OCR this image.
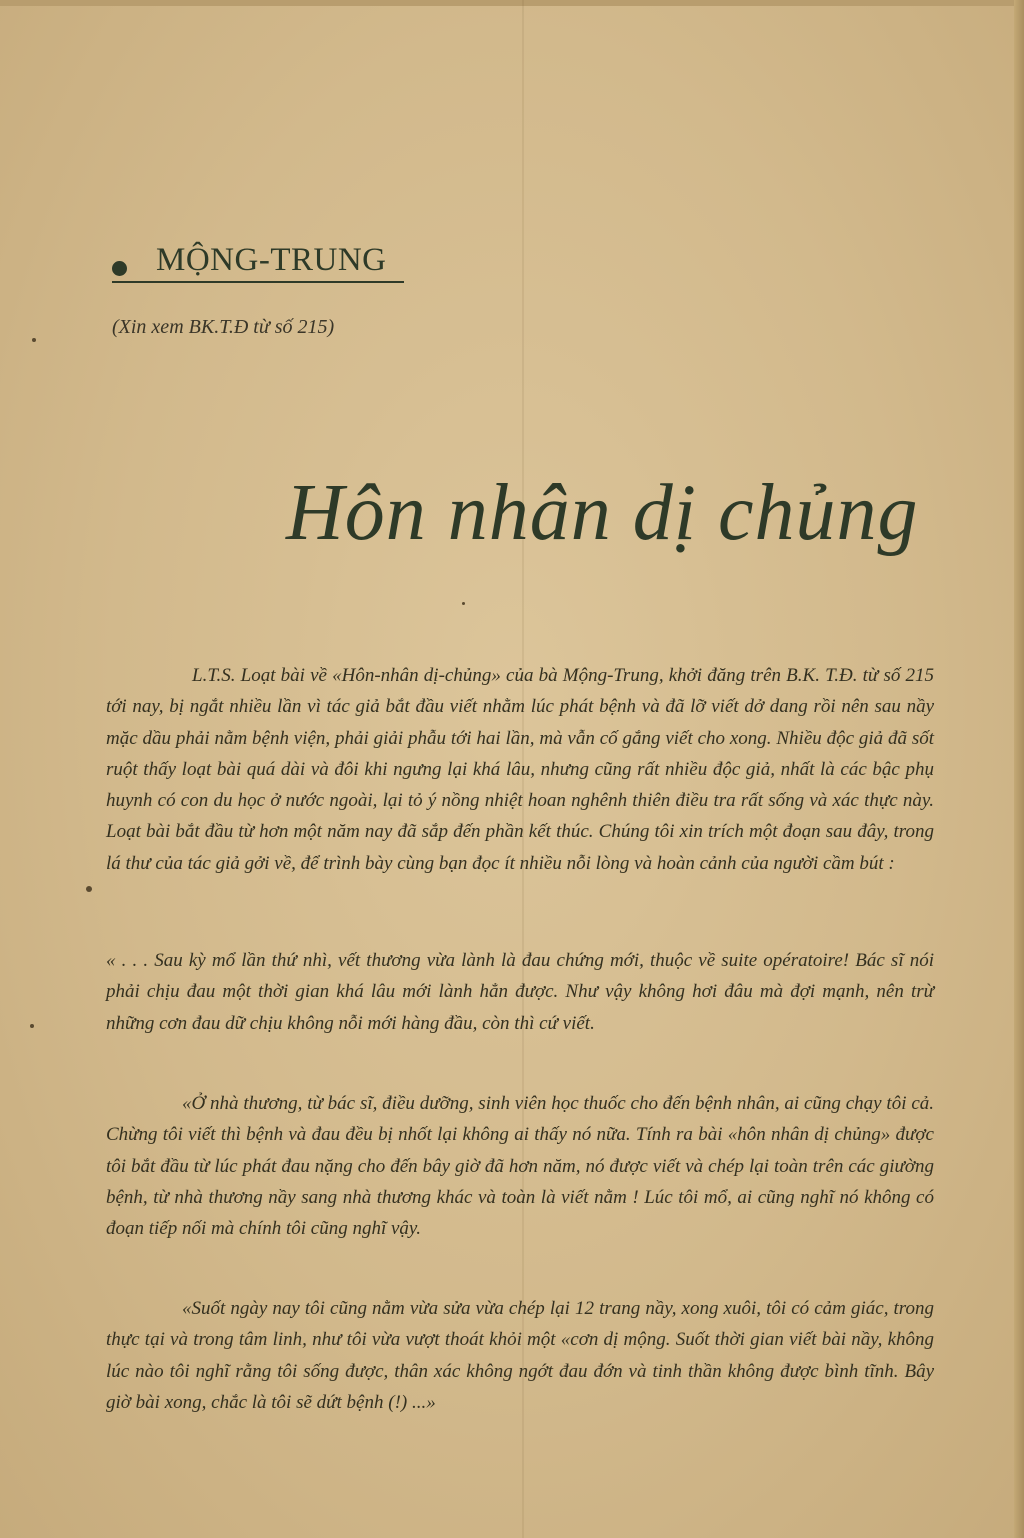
MỘNG-TRUNG
(Xin xem BK.T.Đ từ số 215)
Hôn nhân dị chủng
L.T.S. Loạt bài về «Hôn-nhân dị-chủng» của bà Mộng-Trung, khởi đăng trên B.K. T.Đ. từ số 215 tới nay, bị ngắt nhiều lần vì tác giả bắt đầu viết nhằm lúc phát bệnh và đã lỡ viết dở dang rồi nên sau nầy mặc dầu phải nằm bệnh viện, phải giải phẫu tới hai lần, mà vẫn cố gắng viết cho xong. Nhiều độc giả đã sốt ruột thấy loạt bài quá dài và đôi khi ngưng lại khá lâu, nhưng cũng rất nhiều độc giả, nhất là các bậc phụ huynh có con du học ở nước ngoài, lại tỏ ý nồng nhiệt hoan nghênh thiên điều tra rất sống và xác thực này. Loạt bài bắt đầu từ hơn một năm nay đã sắp đến phần kết thúc. Chúng tôi xin trích một đoạn sau đây, trong lá thư của tác giả gởi về, để trình bày cùng bạn đọc ít nhiều nỗi lòng và hoàn cảnh của người cầm bút :
« . . . Sau kỳ mổ lần thứ nhì, vết thương vừa lành là đau chứng mới, thuộc về suite opératoire! Bác sĩ nói phải chịu đau một thời gian khá lâu mới lành hẳn được. Như vậy không hơi đâu mà đợi mạnh, nên trừ những cơn đau dữ chịu không nỗi mới hàng đầu, còn thì cứ viết.
«Ở nhà thương, từ bác sĩ, điều dưỡng, sinh viên học thuốc cho đến bệnh nhân, ai cũng chạy tôi cả. Chừng tôi viết thì bệnh và đau đều bị nhốt lại không ai thấy nó nữa. Tính ra bài «hôn nhân dị chủng» được tôi bắt đầu từ lúc phát đau nặng cho đến bây giờ đã hơn năm, nó được viết và chép lại toàn trên các giường bệnh, từ nhà thương nầy sang nhà thương khác và toàn là viết nằm ! Lúc tôi mổ, ai cũng nghĩ nó không có đoạn tiếp nối mà chính tôi cũng nghĩ vậy.
«Suốt ngày nay tôi cũng nằm vừa sửa vừa chép lại 12 trang nầy, xong xuôi, tôi có cảm giác, trong thực tại và trong tâm linh, như tôi vừa vượt thoát khỏi một «cơn dị mộng. Suốt thời gian viết bài nầy, không lúc nào tôi nghĩ rằng tôi sống được, thân xác không ngớt đau đớn và tinh thần không được bình tĩnh. Bây giờ bài xong, chắc là tôi sẽ dứt bệnh (!) ...»
